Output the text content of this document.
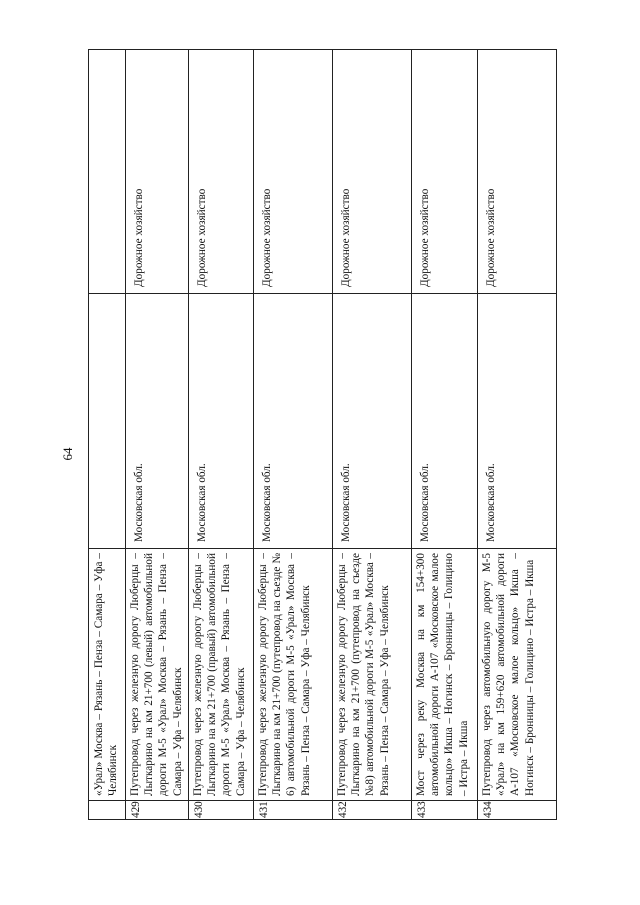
64
	«Урал» Москва – Рязань – Пенза – Самара – Уфа – Челябинск		
429	Путепровод через железную дорогу Люберцы – Лыткарино на км 21+700 (левый) автомобильной дороги М-5 «Урал» Москва – Рязань – Пенза – Самара – Уфа – Челябинск	Московская обл.	Дорожное хозяйство
430	Путепровод через железную дорогу Люберцы – Лыткарино на км 21+700 (правый) автомобильной дороги М-5 «Урал» Москва – Рязань – Пенза – Самара – Уфа – Челябинск	Московская обл.	Дорожное хозяйство
431	Путепровод через железную дорогу Люберцы – Лыткарино на км 21+700 (путепровод на съезде № 6) автомобильной дороги М-5 «Урал» Москва – Рязань – Пенза – Самара – Уфа – Челябинск	Московская обл.	Дорожное хозяйство
432	Путепровод через железную дорогу Люберцы – Лыткарино на км 21+700 (путепровод на съезде №8) автомобильной дороги М-5 «Урал» Москва – Рязань – Пенза – Самара – Уфа – Челябинск	Московская обл.	Дорожное хозяйство
433	Мост через реку Москва на км 154+300 автомобильной дороги А-107 «Московское малое кольцо» Икша – Ногинск – Бронницы – Голицино – Истра – Икша	Московская обл.	Дорожное хозяйство
434	Путепровод через автомобильную дорогу М-5 «Урал» на км 159+620 автомобильной дороги А-107 «Московское малое кольцо» Икша – Ногинск – Бронницы – Голицино – Истра – Икша	Московская обл.	Дорожное хозяйство
